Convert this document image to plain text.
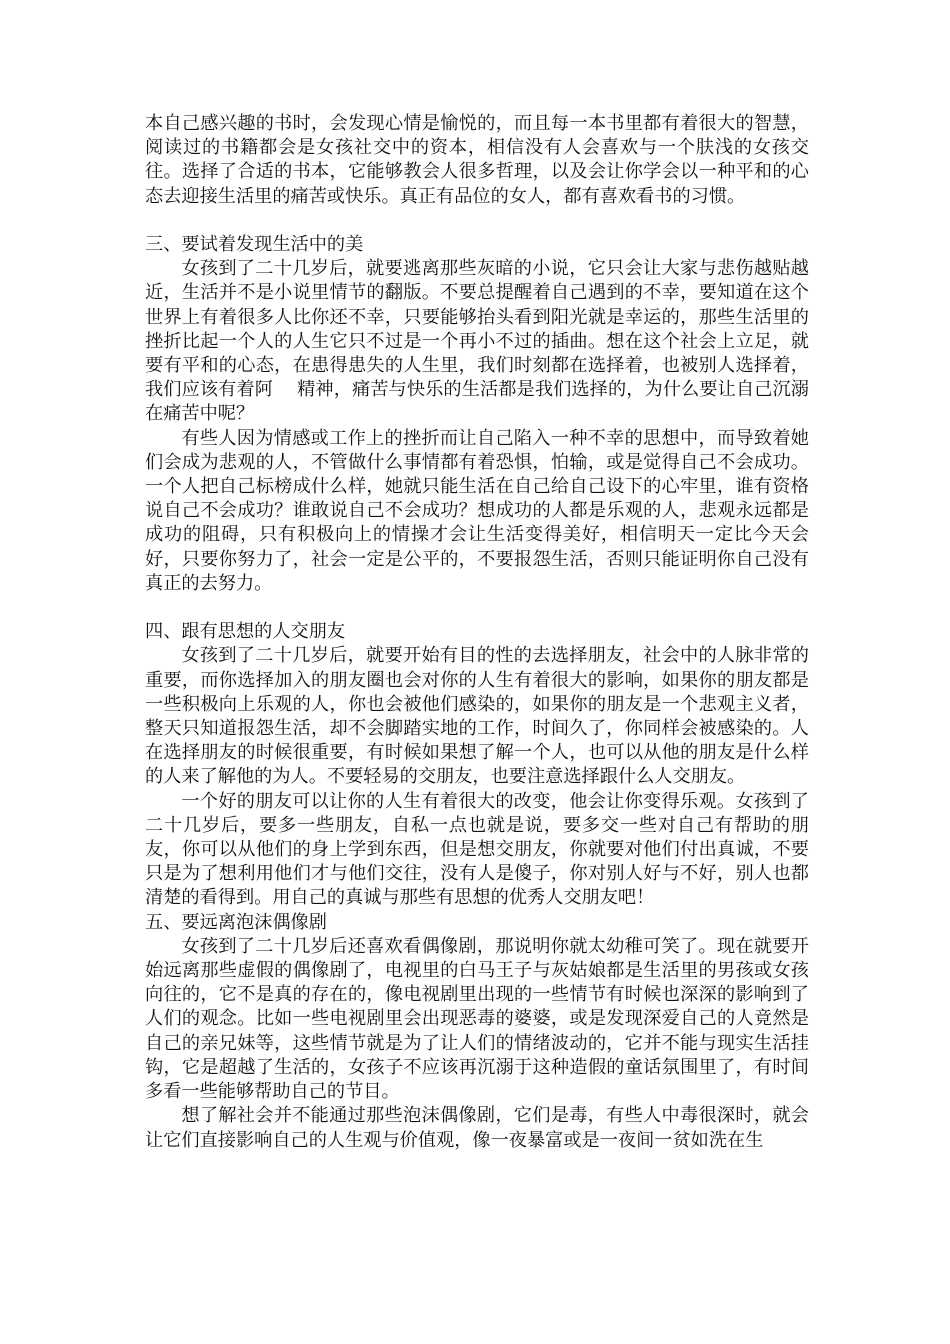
本自己感兴趣的书时，会发现心情是愉悦的，而且每一本书里都有着很大的智慧，阅读过的书籍都会是女孩社交中的资本，相信没有人会喜欢与一个肤浅的女孩交往。选择了合适的书本，它能够教会人很多哲理，以及会让你学会以一种平和的心态去迎接生活里的痛苦或快乐。真正有品位的女人，都有喜欢看书的习惯。

三、要试着发现生活中的美

女孩到了二十几岁后，就要逃离那些灰暗的小说，它只会让大家与悲伤越贴越近，生活并不是小说里情节的翻版。不要总提醒着自己遇到的不幸，要知道在这个世界上有着很多人比你还不幸，只要能够抬头看到阳光就是幸运的，那些生活里的挫折比起一个人的人生它只不过是一个再小不过的插曲。想在这个社会上立足，就要有平和的心态，在患得患失的人生里，我们时刻都在选择着，也被别人选择着，我们应该有着阿　 精神，痛苦与快乐的生活都是我们选择的，为什么要让自己沉溺在痛苦中呢？

有些人因为情感或工作上的挫折而让自己陷入一种不幸的思想中，而导致着她们会成为悲观的人，不管做什么事情都有着恐惧，怕输，或是觉得自己不会成功。一个人把自己标榜成什么样，她就只能生活在自己给自己设下的心牢里，谁有资格说自己不会成功？谁敢说自己不会成功？想成功的人都是乐观的人，悲观永远都是成功的阻碍，只有积极向上的情操才会让生活变得美好，相信明天一定比今天会好，只要你努力了，社会一定是公平的，不要报怨生活，否则只能证明你自己没有真正的去努力。

四、跟有思想的人交朋友

女孩到了二十几岁后，就要开始有目的性的去选择朋友，社会中的人脉非常的重要，而你选择加入的朋友圈也会对你的人生有着很大的影响，如果你的朋友都是一些积极向上乐观的人，你也会被他们感染的，如果你的朋友是一个悲观主义者，整天只知道报怨生活，却不会脚踏实地的工作，时间久了，你同样会被感染的。人在选择朋友的时候很重要，有时候如果想了解一个人，也可以从他的朋友是什么样的人来了解他的为人。不要轻易的交朋友，也要注意选择跟什么人交朋友。

一个好的朋友可以让你的人生有着很大的改变，他会让你变得乐观。女孩到了二十几岁后，要多一些朋友，自私一点也就是说，要多交一些对自己有帮助的朋友，你可以从他们的身上学到东西，但是想交朋友，你就要对他们付出真诚，不要只是为了想利用他们才与他们交往，没有人是傻子，你对别人好与不好，别人也都清楚的看得到。用自己的真诚与那些有思想的优秀人交朋友吧！

五、要远离泡沫偶像剧

女孩到了二十几岁后还喜欢看偶像剧，那说明你就太幼稚可笑了。现在就要开始远离那些虚假的偶像剧了，电视里的白马王子与灰姑娘都是生活里的男孩或女孩向往的，它不是真的存在的，像电视剧里出现的一些情节有时候也深深的影响到了人们的观念。比如一些电视剧里会出现恶毒的婆婆，或是发现深爱自己的人竟然是自己的亲兄妹等，这些情节就是为了让人们的情绪波动的，它并不能与现实生活挂钩，它是超越了生活的，女孩子不应该再沉溺于这种造假的童话氛围里了，有时间多看一些能够帮助自己的节目。

想了解社会并不能通过那些泡沫偶像剧，它们是毒，有些人中毒很深时，就会让它们直接影响自己的人生观与价值观，像一夜暴富或是一夜间一贫如洗在生
